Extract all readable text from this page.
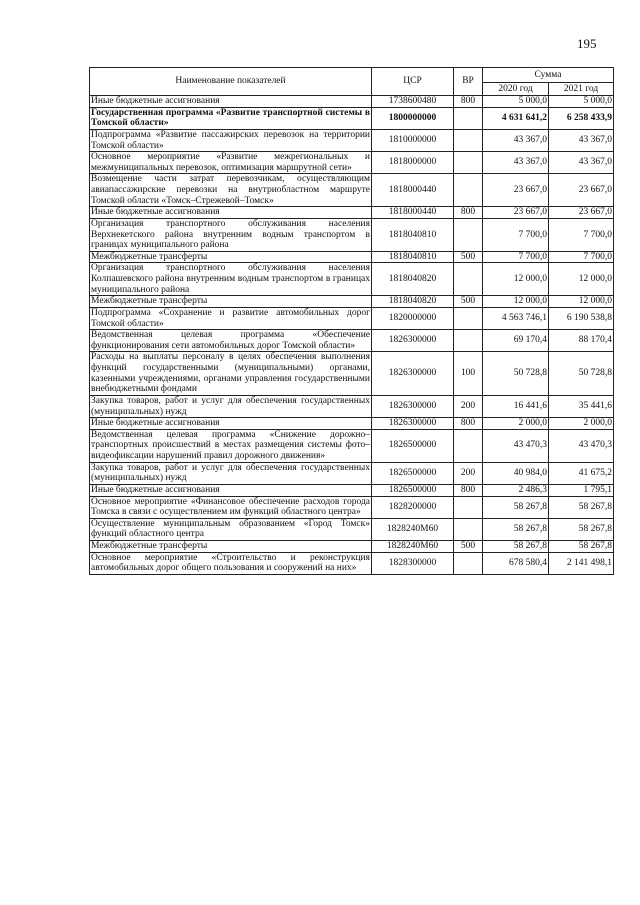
195
Наименование показателей	ЦСР	ВР	Сумма	
			2020 год	2021 год
Иные бюджетные ассигнования	1738600480	800	5 000,0	5 000,0
Государственная программа «Развитие транспортной системы в Томской области»	1800000000		4 631 641,2	6 258 433,9
Подпрограмма «Развитие пассажирских перевозок на территории Томской области»	1810000000		43 367,0	43 367,0
Основное мероприятие «Развитие межрегиональных и межмуниципальных перевозок, оптимизация маршрутной сети»	1818000000		43 367,0	43 367,0
Возмещение части затрат перевозчикам, осуществляющим авиапассажирские перевозки на внутриобластном маршруте Томской области «Томск–Стрежевой–Томск»	1818000440		23 667,0	23 667,0
Иные бюджетные ассигнования	1818000440	800	23 667,0	23 667,0
Организация транспортного обслуживания населения Верхнекетского района внутренним водным транспортом в границах муниципального района	1818040810		7 700,0	7 700,0
Межбюджетные трансферты	1818040810	500	7 700,0	7 700,0
Организация транспортного обслуживания населения Колпашевского района внутренним водным транспортом в границах муниципального района	1818040820		12 000,0	12 000,0
Межбюджетные трансферты	1818040820	500	12 000,0	12 000,0
Подпрограмма «Сохранение и развитие автомобильных дорог Томской области»	1820000000		4 563 746,1	6 190 538,8
Ведомственная целевая программа «Обеспечение функционирования сети автомобильных дорог Томской области»	1826300000		69 170,4	88 170,4
Расходы на выплаты персоналу в целях обеспечения выполнения функций государственными (муниципальными) органами, казенными учреждениями, органами управления государственными внебюджетными фондами	1826300000	100	50 728,8	50 728,8
Закупка товаров, работ и услуг для обеспечения государственных (муниципальных) нужд	1826300000	200	16 441,6	35 441,6
Иные бюджетные ассигнования	1826300000	800	2 000,0	2 000,0
Ведомственная целевая программа «Снижение дорожно–транспортных происшествий в местах размещения системы фото–видеофиксации нарушений правил дорожного движения»	1826500000		43 470,3	43 470,3
Закупка товаров, работ и услуг для обеспечения государственных (муниципальных) нужд	1826500000	200	40 984,0	41 675,2
Иные бюджетные ассигнования	1826500000	800	2 486,3	1 795,1
Основное мероприятие «Финансовое обеспечение расходов города Томска в связи с осуществлением им функций областного центра»	1828200000		58 267,8	58 267,8
Осуществление муниципальным образованием «Город Томск» функций областного центра	1828240М60		58 267,8	58 267,8
Межбюджетные трансферты	1828240М60	500	58 267,8	58 267,8
Основное мероприятие «Строительство и реконструкция автомобильных дорог общего пользования и сооружений на них»	1828300000		678 580,4	2 141 498,1
